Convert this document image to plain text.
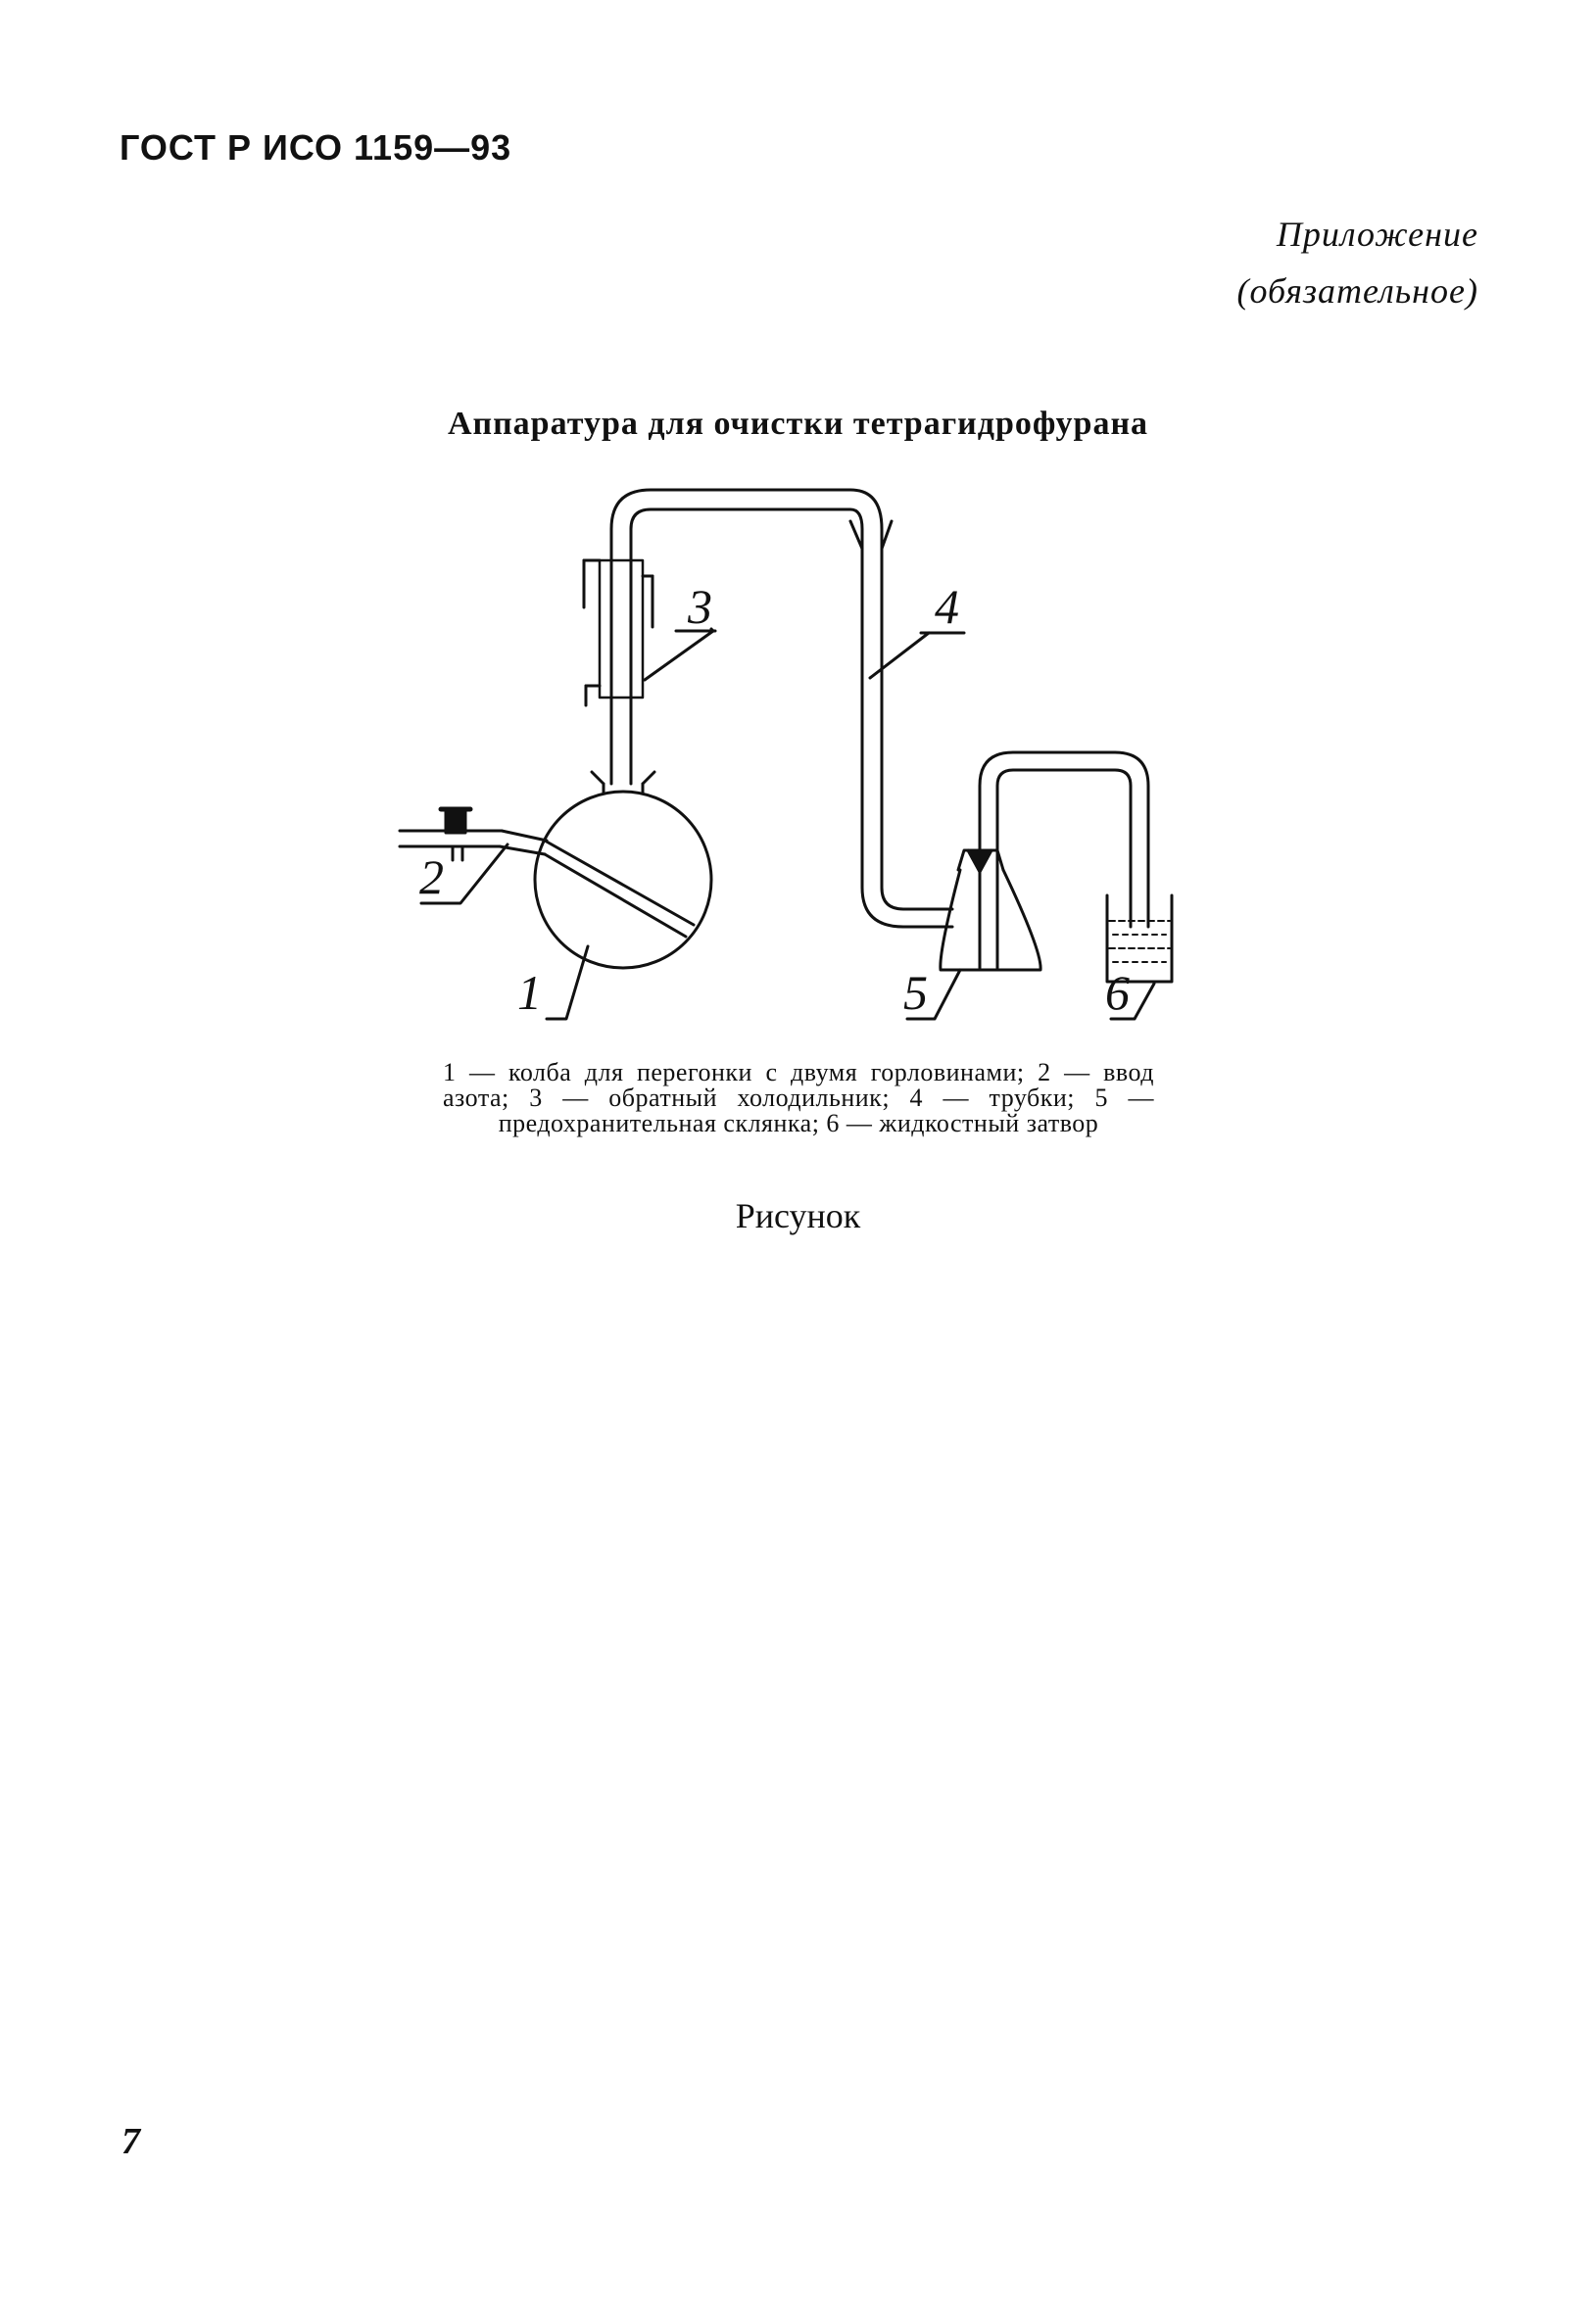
ГОСТ Р ИСО 1159—93
Приложение
(обязательное)
Аппаратура для очистки тетрагидрофурана
1
2
3	4
5	6
1 — колба для перегонки с двумя горловинами; 2 — ввод азота; 3 — обратный холодильник; 4 — трубки; 5 — предохранительная склянка; 6 — жидкостный затвор
Рисунок
7
